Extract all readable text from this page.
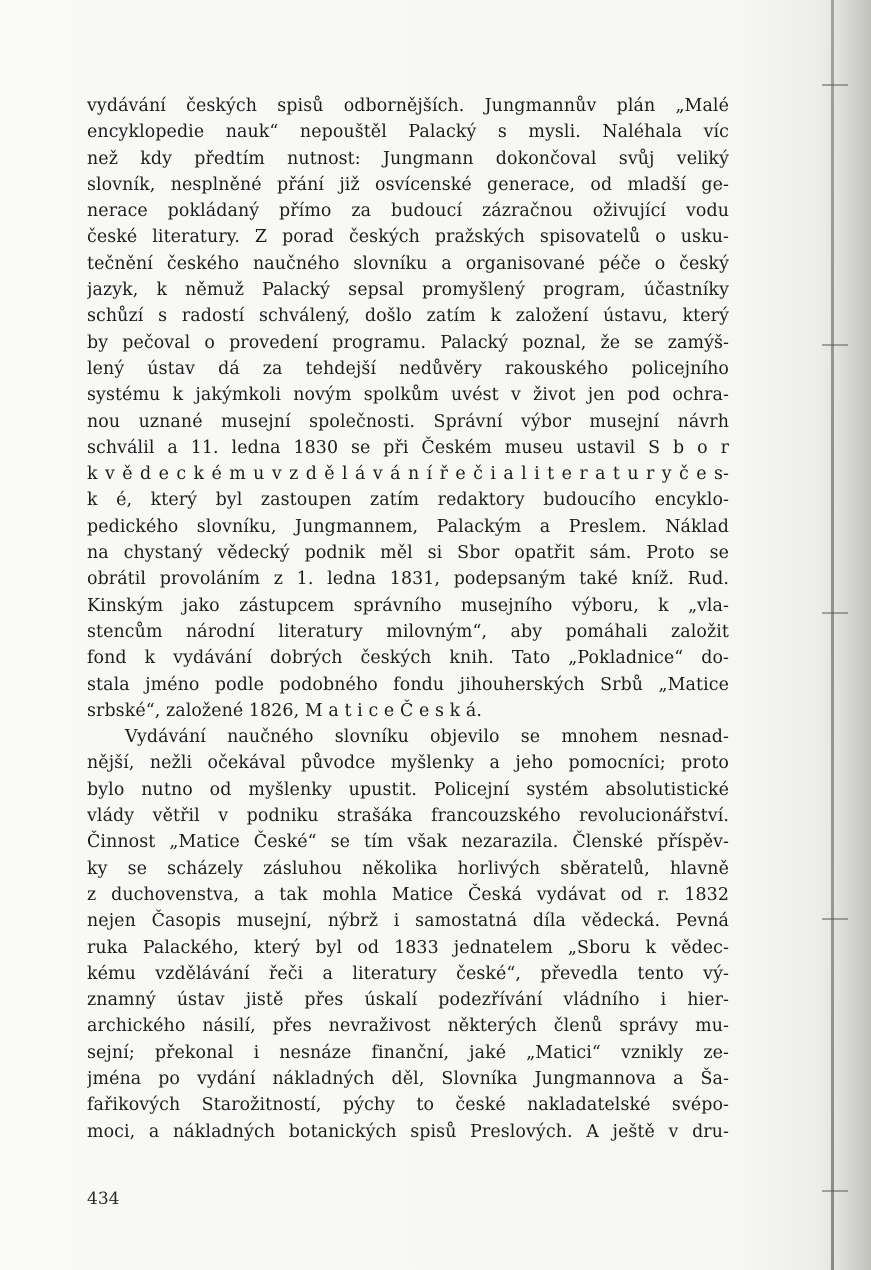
vydávání českých spisů odbornějších. Jungmannův plán „Malé
encyklopedie nauk“ nepouštěl Palacký s mysli. Naléhala víc
než kdy předtím nutnost: Jungmann dokončoval svůj veliký
slovník, nesplněné přání již osvícenské generace, od mladší ge-
nerace pokládaný přímo za budoucí zázračnou oživující vodu
české literatury. Z porad českých pražských spisovatelů o usku-
tečnění českého naučného slovníku a organisované péče o český
jazyk, k němuž Palacký sepsal promyšlený program, účastníky
schůzí s radostí schválený, došlo zatím k založení ústavu, který
by pečoval o provedení programu. Palacký poznal, že se zamýš-
lený ústav dá za tehdejší nedůvěry rakouského policejního
systému k jakýmkoli novým spolkům uvést v život jen pod ochra-
nou uznané musejní společnosti. Správní výbor musejní návrh
schválil a 11. ledna 1830 se při Českém museu ustavil S b o r
k v ě d e c k é m u v z d ě l á v á n í ř e č i a l i t e r a t u r y č e s-
k é, který byl zastoupen zatím redaktory budoucího encyklo-
pedického slovníku, Jungmannem, Palackým a Preslem. Náklad
na chystaný vědecký podnik měl si Sbor opatřit sám. Proto se
obrátil provoláním z 1. ledna 1831, podepsaným také kníž. Rud.
Kinským jako zástupcem správního musejního výboru, k „vla-
stencům národní literatury milovným“, aby pomáhali založit
fond k vydávání dobrých českých knih. Tato „Pokladnice“ do-
stala jméno podle podobného fondu jihouherských Srbů „Matice
srbské“, založené 1826, M a t i c e Č e s k á.
Vydávání naučného slovníku objevilo se mnohem nesnad-
nější, nežli očekával původce myšlenky a jeho pomocníci; proto
bylo nutno od myšlenky upustit. Policejní systém absolutistické
vlády větřil v podniku strašáka francouzského revolucionářství.
Činnost „Matice České“ se tím však nezarazila. Členské příspěv-
ky se scházely zásluhou několika horlivých sběratelů, hlavně
z duchovenstva, a tak mohla Matice Česká vydávat od r. 1832
nejen Časopis musejní, nýbrž i samostatná díla vědecká. Pevná
ruka Palackého, který byl od 1833 jednatelem „Sboru k vědec-
kému vzdělávání řeči a literatury české“, převedla tento vý-
znamný ústav jistě přes úskalí podezřívání vládního i hier-
archického násilí, přes nevraživost některých členů správy mu-
sejní; překonal i nesnáze finanční, jaké „Matici“ vznikly ze-
jména po vydání nákladných děl, Slovníka Jungmannova a Ša-
fařikových Starožitností, pýchy to české nakladatelské svépo-
moci, a nákladných botanických spisů Preslových. A ještě v dru-
434
